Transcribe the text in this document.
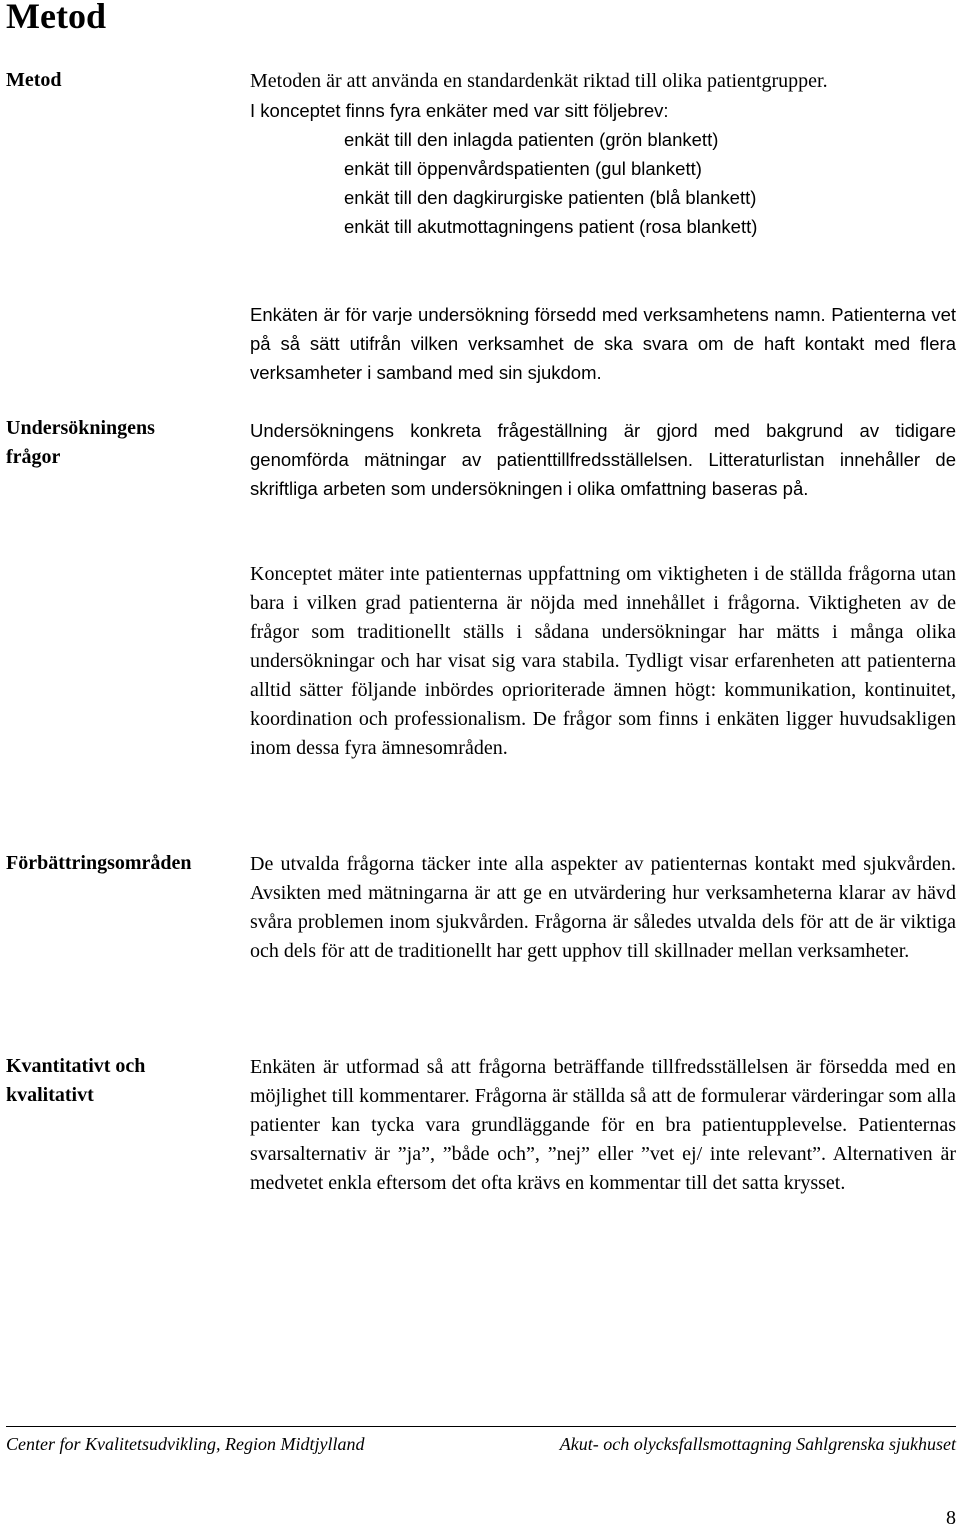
Metod
Metod	Metoden är att använda en standardenkät riktad till olika patientgrupper.

I konceptet finns fyra enkäter med var sitt följebrev:

enkät till den inlagda patienten (grön blankett)
enkät till öppenvårdspatienten (gul blankett)
enkät till den dagkirurgiske patienten (blå blankett)
enkät till akutmottagningens patient (rosa blankett)

Enkäten är för varje undersökning försedd med verksamhetens namn. Patienterna vet på så sätt utifrån vilken verksamhet de ska svara om de haft kontakt med flera verksamheter i samband med sin sjukdom.

Undersökningens
frågor

Undersökningens konkreta frågeställning är gjord med bakgrund av tidigare genomförda mätningar av patienttillfredsställelsen. Litteraturlistan innehåller de skriftliga arbeten som undersökningen i olika omfattning baseras på.

Konceptet mäter inte patienternas uppfattning om viktigheten i de ställda frågorna utan bara i vilken grad patienterna är nöjda med innehållet i frågorna. Viktigheten av de frågor som traditionellt ställs i sådana undersökningar har mätts i många olika undersökningar och har visat sig vara stabila. Tydligt visar erfarenheten att patienterna alltid sätter följande inbördes oprioriterade ämnen högt: kommunikation, kontinuitet, koordination och professionalism. De frågor som finns i enkäten ligger huvudsakligen inom dessa fyra ämnesområden.

Förbättringsområden	De utvalda frågorna täcker inte alla aspekter av patienternas kontakt med sjukvården. Avsikten med mätningarna är att ge en utvärdering hur verksamheterna klarar av hävd svåra problemen inom sjukvården. Frågorna är således utvalda dels för att de är viktiga och dels för att de traditionellt har gett upphov till skillnader mellan verksamheter.

Kvantitativt och
kvalitativt

Enkäten är utformad så att frågorna beträffande tillfredsställelsen är försedda med en möjlighet till kommentarer. Frågorna är ställda så att de formulerar värderingar som alla patienter kan tycka vara grundläggande för en bra patientupplevelse. Patienternas svarsalternativ är ”ja”, ”både och”, ”nej” eller ”vet ej/ inte relevant”. Alternativen är medvetet enkla eftersom det ofta krävs en kommentar till det satta krysset.

Center for Kvalitetsudvikling, Region Midtjylland	Akut- och olycksfallsmottagning Sahlgrenska sjukhuset
8
